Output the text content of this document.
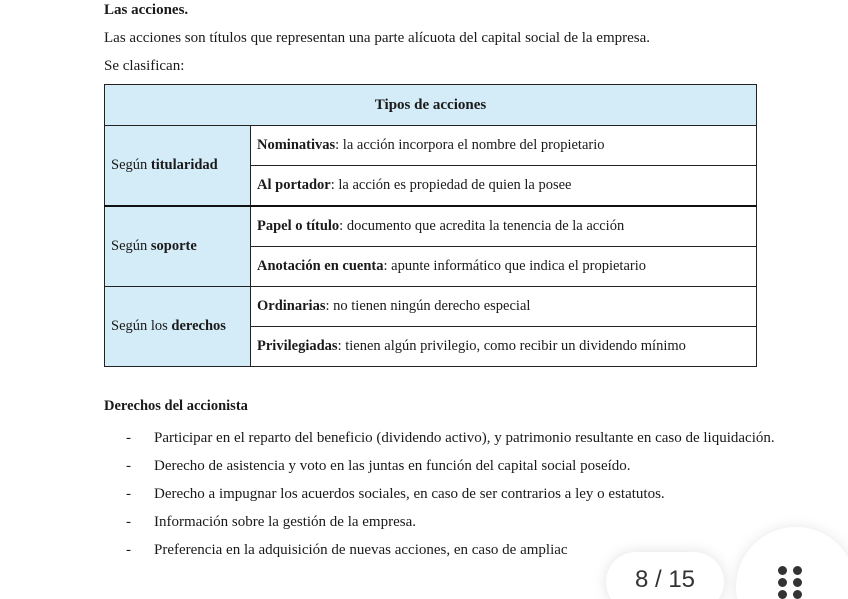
Las acciones.
Las acciones son títulos que representan una parte alícuota del capital social de la empresa.
Se clasifican:
Tipos de acciones	
Según titularidad	Nominativas: la acción incorpora el nombre del propietario
	Al portador: la acción es propiedad de quien la posee
Según soporte	Papel o título: documento que acredita la tenencia de la acción
	Anotación en cuenta: apunte informático que indica el propietario
Según los derechos	Ordinarias: no tienen ningún derecho especial
	Privilegiadas: tienen algún privilegio, como recibir un dividendo mínimo
Derechos del accionista
- Participar en el reparto del beneficio (dividendo activo), y patrimonio resultante en caso de liquidación.
- Derecho de asistencia y voto en las juntas en función del capital social poseído.
- Derecho a impugnar los acuerdos sociales, en caso de ser contrarios a ley o estatutos.
- Información sobre la gestión de la empresa.
- Preferencia en la adquisición de nuevas acciones, en caso de ampliac
8 / 15
